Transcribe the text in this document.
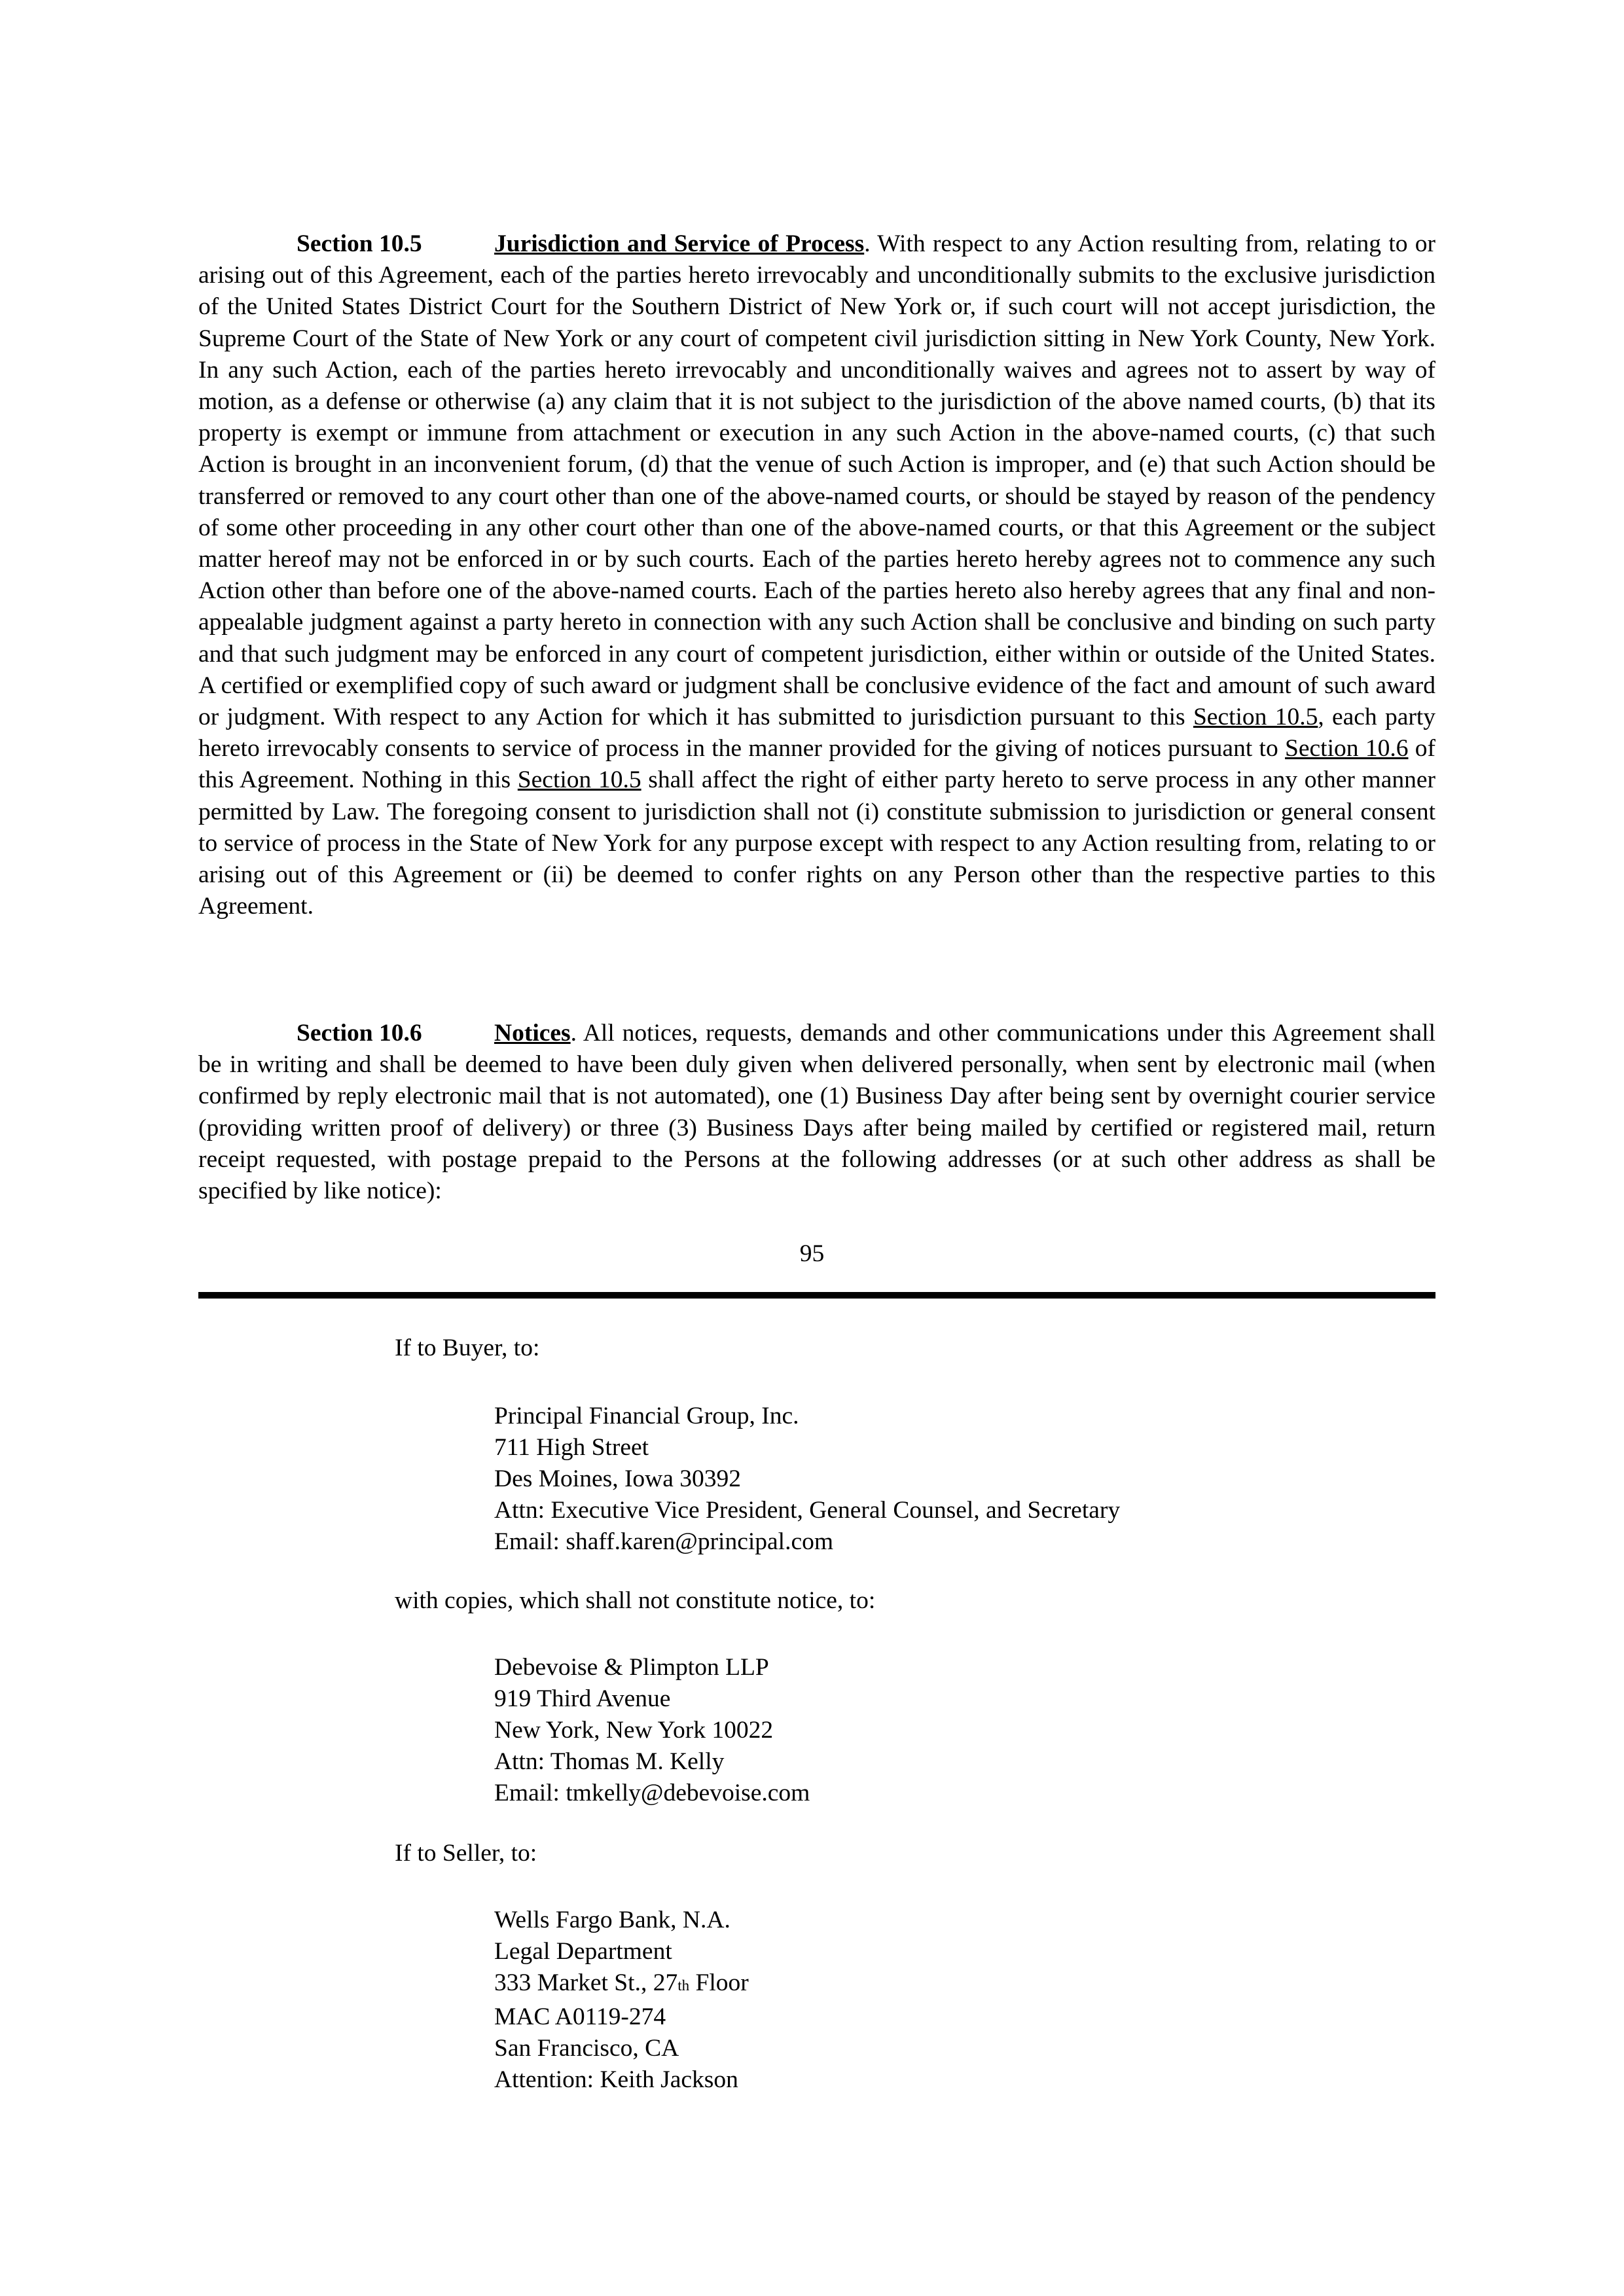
Section 10.5	Jurisdiction and Service of Process. With respect to any Action resulting from, relating to or arising out of this Agreement, each of the parties hereto irrevocably and unconditionally submits to the exclusive jurisdiction of the United States District Court for the Southern District of New York or, if such court will not accept jurisdiction, the Supreme Court of the State of New York or any court of competent civil jurisdiction sitting in New York County, New York. In any such Action, each of the parties hereto irrevocably and unconditionally waives and agrees not to assert by way of motion, as a defense or otherwise (a) any claim that it is not subject to the jurisdiction of the above named courts, (b) that its property is exempt or immune from attachment or execution in any such Action in the above-named courts, (c) that such Action is brought in an inconvenient forum, (d) that the venue of such Action is improper, and (e) that such Action should be transferred or removed to any court other than one of the above-named courts, or should be stayed by reason of the pendency of some other proceeding in any other court other than one of the above-named courts, or that this Agreement or the subject matter hereof may not be enforced in or by such courts. Each of the parties hereto hereby agrees not to commence any such Action other than before one of the above-named courts. Each of the parties hereto also hereby agrees that any final and non-appealable judgment against a party hereto in connection with any such Action shall be conclusive and binding on such party and that such judgment may be enforced in any court of competent jurisdiction, either within or outside of the United States. A certified or exemplified copy of such award or judgment shall be conclusive evidence of the fact and amount of such award or judgment. With respect to any Action for which it has submitted to jurisdiction pursuant to this Section 10.5, each party hereto irrevocably consents to service of process in the manner provided for the giving of notices pursuant to Section 10.6 of this Agreement. Nothing in this Section 10.5 shall affect the right of either party hereto to serve process in any other manner permitted by Law. The foregoing consent to jurisdiction shall not (i) constitute submission to jurisdiction or general consent to service of process in the State of New York for any purpose except with respect to any Action resulting from, relating to or arising out of this Agreement or (ii) be deemed to confer rights on any Person other than the respective parties to this Agreement.

Section 10.6	Notices. All notices, requests, demands and other communications under this Agreement shall be in writing and shall be deemed to have been duly given when delivered personally, when sent by electronic mail (when confirmed by reply electronic mail that is not automated), one (1) Business Day after being sent by overnight courier service (providing written proof of delivery) or three (3) Business Days after being mailed by certified or registered mail, return receipt requested, with postage prepaid to the Persons at the following addresses (or at such other address as shall be specified by like notice):

95
If to Buyer, to:
Principal Financial Group, Inc.
711 High Street
Des Moines, Iowa 30392
Attn: Executive Vice President, General Counsel, and Secretary
Email: shaff.karen@principal.com
with copies, which shall not constitute notice, to:
Debevoise & Plimpton LLP
919 Third Avenue
New York, New York 10022
Attn: Thomas M. Kelly
Email: tmkelly@debevoise.com
If to Seller, to:
Wells Fargo Bank, N.A.
Legal Department
333 Market St., 27th Floor
MAC A0119-274
San Francisco, CA
Attention: Keith Jackson
